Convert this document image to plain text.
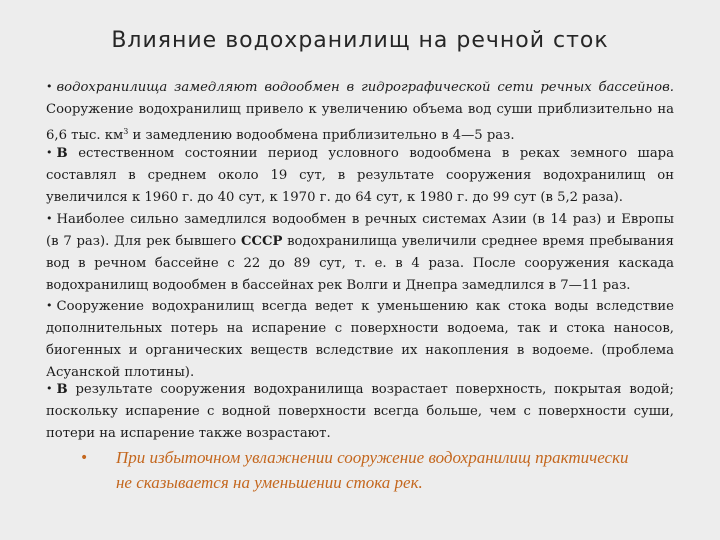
Влияние водохранилищ на речной сток

• водохранилища замедляют водообмен в гидрографической сети речных бассейнов. Сооружение водохранилищ привело к увеличению объема вод суши приблизительно на 6,6 тыс. $км^3$ и замедлению водообмена приблизительно в 4—5 раз.

• В естественном состоянии период условного водообмена в реках земного шара составлял в среднем около 19 сут, в результате сооружения водохранилищ он увеличился к 1960 г. до 40 сут, к 1970 г. до 64 сут, к 1980 г. до 99 сут (в 5,2 раза).

• Наиболее сильно замедлился водообмен в речных системах Азии (в 14 раз) и Европы (в 7 раз). Для рек бывшего СССР водохранилища увеличили среднее время пребывания вод в речном бассейне с 22 до 89 сут, т. е. в 4 раза. После сооружения каскада водохранилищ водообмен в бассейнах рек Волги и Днепра замедлился в 7—11 раз.

• Сооружение водохранилищ всегда ведет к уменьшению как стока воды вследствие дополнительных потерь на испарение с поверхности водоема, так и стока наносов, биогенных и органических веществ вследствие их накопления в водоеме. (проблема Асуанской плотины).

• В результате сооружения водохранилища возрастает поверхность, покрытая водой; поскольку испарение с водной поверхности всегда больше, чем с поверхности суши, потери на испарение также возрастают.

•	При избыточном увлажнении сооружение водохранилищ практически не сказывается на уменьшении стока рек.
